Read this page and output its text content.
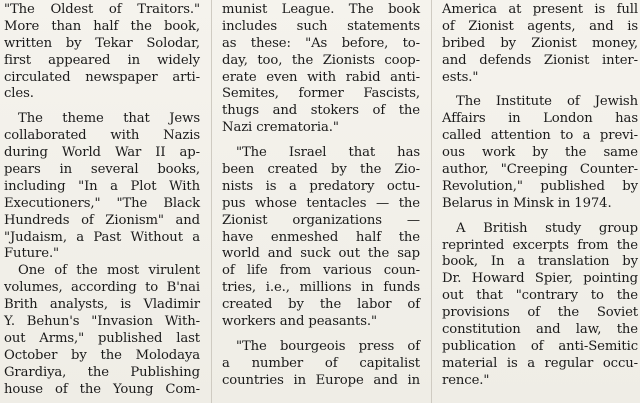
"The Oldest of Traitors."
More than half the book,
written by Tekar Solodar,
first appeared in widely
circulated newspaper arti-
cles.
The theme that Jews
collaborated with Nazis
during World War II ap-
pears in several books,
including "In a Plot With
Executioners," "The Black
Hundreds of Zionism" and
"Judaism, a Past Without a
Future."
One of the most virulent
volumes, according to B'nai
Brith analysts, is Vladimir
Y. Behun's "Invasion With-
out Arms," published last
October by the Molodaya
Grardiya, the Publishing
house of the Young Com-
munist League. The book
includes such statements
as these: "As before, to-
day, too, the Zionists coop-
erate even with rabid anti-
Semites, former Fascists,
thugs and stokers of the
Nazi crematoria."
"The Israel that has
been created by the Zio-
nists is a predatory octu-
pus whose tentacles — the
Zionist organizations —
have enmeshed half the
world and suck out the sap
of life from various coun-
tries, i.e., millions in funds
created by the labor of
workers and peasants."
"The bourgeois press of
a number of capitalist
countries in Europe and in
America at present is full
of Zionist agents, and is
bribed by Zionist money,
and defends Zionist inter-
ests."
The Institute of Jewish
Affairs in London has
called attention to a previ-
ous work by the same
author, "Creeping Counter-
Revolution," published by
Belarus in Minsk in 1974.
A British study group
reprinted excerpts from the
book, In a translation by
Dr. Howard Spier, pointing
out that "contrary to the
provisions of the Soviet
constitution and law, the
publication of anti-Semitic
material is a regular occu-
rence."
